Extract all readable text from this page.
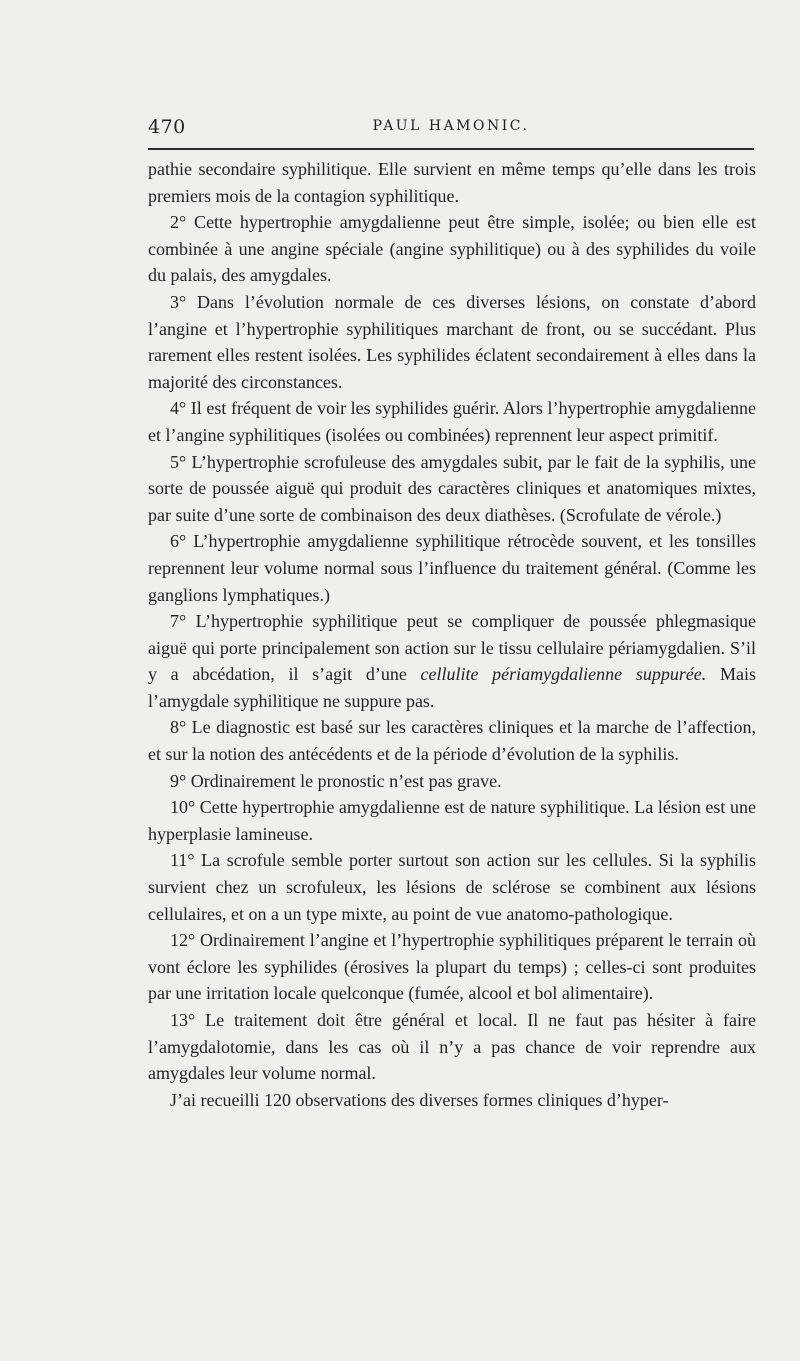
470	PAUL HAMONIC.

pathie secondaire syphilitique. Elle survient en même temps qu’elle dans les trois premiers mois de la contagion syphilitique.

2° Cette hypertrophie amygdalienne peut être simple, isolée; ou bien elle est combinée à une angine spéciale (angine syphilitique) ou à des syphilides du voile du palais, des amygdales.

3° Dans l’évolution normale de ces diverses lésions, on constate d’abord l’angine et l’hypertrophie syphilitiques marchant de front, ou se succédant. Plus rarement elles restent isolées. Les syphilides éclatent secondairement à elles dans la majorité des circonstances.

4° Il est fréquent de voir les syphilides guérir. Alors l’hypertrophie amygdalienne et l’angine syphilitiques (isolées ou combinées) reprennent leur aspect primitif.

5° L’hypertrophie scrofuleuse des amygdales subit, par le fait de la syphilis, une sorte de poussée aiguë qui produit des caractères cliniques et anatomiques mixtes, par suite d’une sorte de combinaison des deux diathèses. (Scrofulate de vérole.)

6° L’hypertrophie amygdalienne syphilitique rétrocède souvent, et les tonsilles reprennent leur volume normal sous l’influence du traitement général. (Comme les ganglions lymphatiques.)

7° L’hypertrophie syphilitique peut se compliquer de poussée phlegmasique aiguë qui porte principalement son action sur le tissu cellulaire périamygdalien. S’il y a abcédation, il s’agit d’une cellulite périamygdalienne suppurée. Mais l’amygdale syphilitique ne suppure pas.

8° Le diagnostic est basé sur les caractères cliniques et la marche de l’affection, et sur la notion des antécédents et de la période d’évolution de la syphilis.

9° Ordinairement le pronostic n’est pas grave.

10° Cette hypertrophie amygdalienne est de nature syphilitique. La lésion est une hyperplasie lamineuse.

11° La scrofule semble porter surtout son action sur les cellules. Si la syphilis survient chez un scrofuleux, les lésions de sclérose se combinent aux lésions cellulaires, et on a un type mixte, au point de vue anatomo-pathologique.

12° Ordinairement l’angine et l’hypertrophie syphilitiques préparent le terrain où vont éclore les syphilides (érosives la plupart du temps) ; celles-ci sont produites par une irritation locale quelconque (fumée, alcool et bol alimentaire).

13° Le traitement doit être général et local. Il ne faut pas hésiter à faire l’amygdalotomie, dans les cas où il n’y a pas chance de voir reprendre aux amygdales leur volume normal.

J’ai recueilli 120 observations des diverses formes cliniques d’hyper-
